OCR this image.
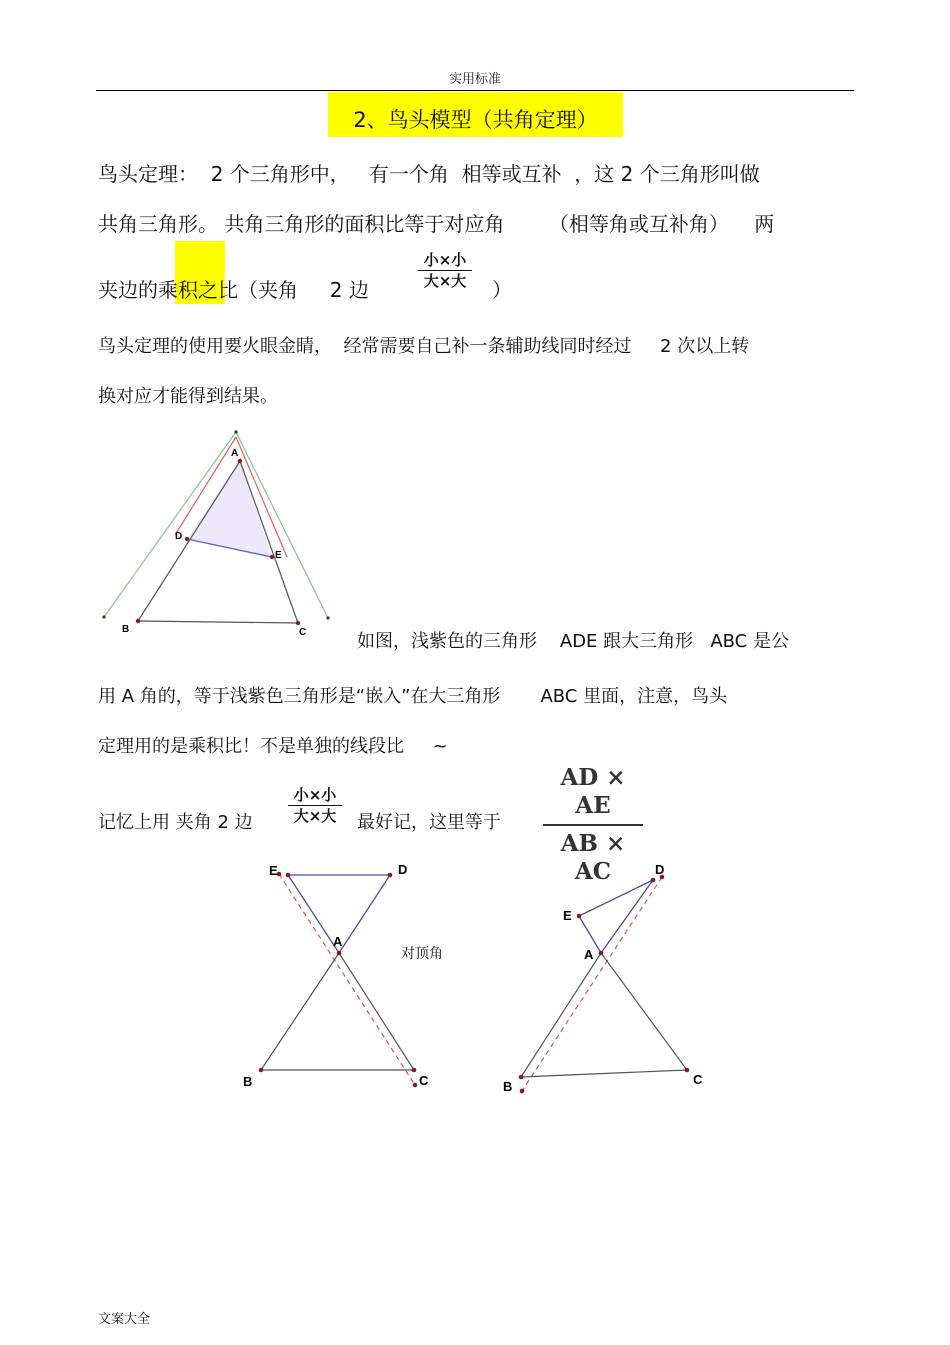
实用标准
2、鸟头模型（共角定理）
鸟头定理：  2 个三角形中，   有一个角  相等或互补  ，这 2 个三角形叫做
共角三角形。 共角三角形的面积比等于对应角       （相等角或互补角）    两
夹边的乘积之比（夹角     2 边
小×小
大×大 ）
鸟头定理的使用要火眼金睛，  经常需要自己补一条辅助线同时经过     2 次以上转
换对应才能得到结果。
A
B	C
D
E
如图，浅紫色的三角形    ADE 跟大三角形   ABC 是公
用 A 角的，等于浅紫色三角形是“嵌入”在大三角形       ABC 里面，注意，鸟头
定理用的是乘积比！不是单独的线段比     ~
记忆上用 夹角 2 边
小×小
大×大	最好记，这里等于
AD × AE
AB × AC
E	D
A
B	C
对顶角
D
E
A
B	C
文案大全
